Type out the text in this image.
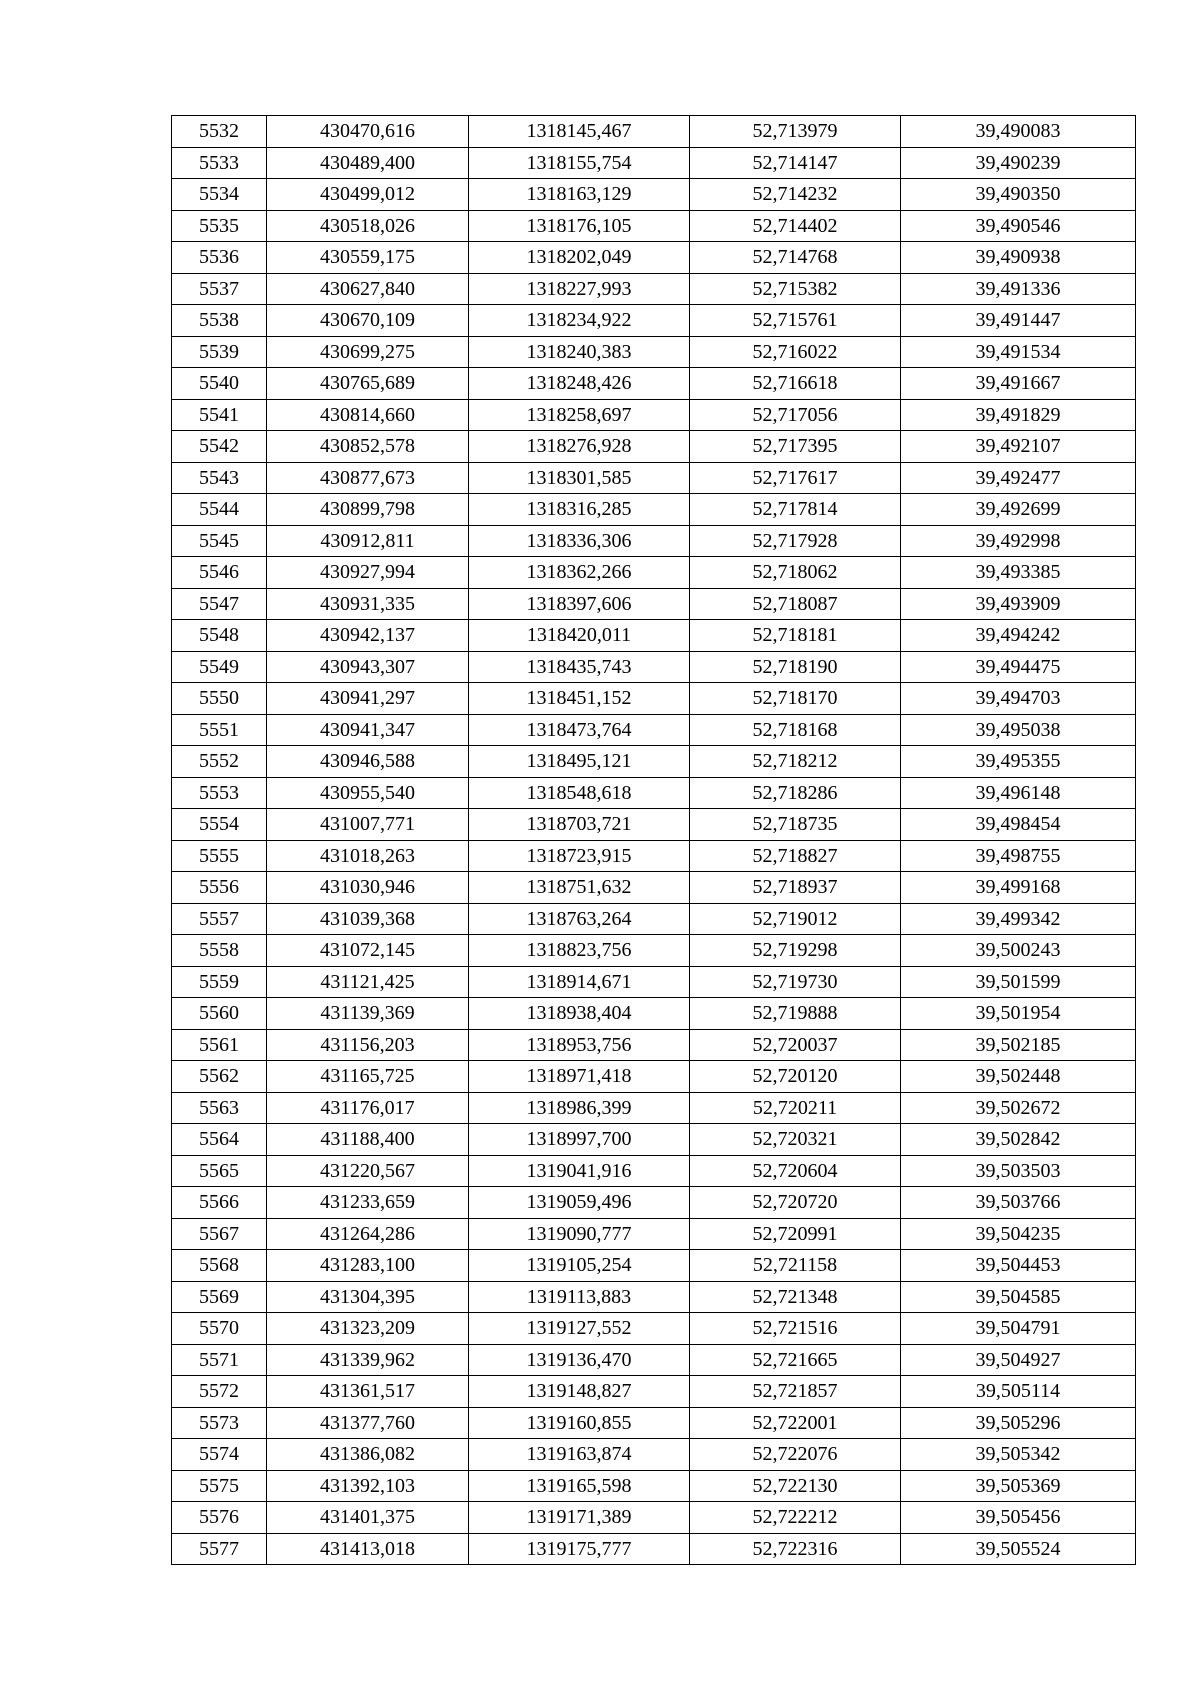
5532	430470,616	1318145,467	52,713979	39,490083
5533	430489,400	1318155,754	52,714147	39,490239
5534	430499,012	1318163,129	52,714232	39,490350
5535	430518,026	1318176,105	52,714402	39,490546
5536	430559,175	1318202,049	52,714768	39,490938
5537	430627,840	1318227,993	52,715382	39,491336
5538	430670,109	1318234,922	52,715761	39,491447
5539	430699,275	1318240,383	52,716022	39,491534
5540	430765,689	1318248,426	52,716618	39,491667
5541	430814,660	1318258,697	52,717056	39,491829
5542	430852,578	1318276,928	52,717395	39,492107
5543	430877,673	1318301,585	52,717617	39,492477
5544	430899,798	1318316,285	52,717814	39,492699
5545	430912,811	1318336,306	52,717928	39,492998
5546	430927,994	1318362,266	52,718062	39,493385
5547	430931,335	1318397,606	52,718087	39,493909
5548	430942,137	1318420,011	52,718181	39,494242
5549	430943,307	1318435,743	52,718190	39,494475
5550	430941,297	1318451,152	52,718170	39,494703
5551	430941,347	1318473,764	52,718168	39,495038
5552	430946,588	1318495,121	52,718212	39,495355
5553	430955,540	1318548,618	52,718286	39,496148
5554	431007,771	1318703,721	52,718735	39,498454
5555	431018,263	1318723,915	52,718827	39,498755
5556	431030,946	1318751,632	52,718937	39,499168
5557	431039,368	1318763,264	52,719012	39,499342
5558	431072,145	1318823,756	52,719298	39,500243
5559	431121,425	1318914,671	52,719730	39,501599
5560	431139,369	1318938,404	52,719888	39,501954
5561	431156,203	1318953,756	52,720037	39,502185
5562	431165,725	1318971,418	52,720120	39,502448
5563	431176,017	1318986,399	52,720211	39,502672
5564	431188,400	1318997,700	52,720321	39,502842
5565	431220,567	1319041,916	52,720604	39,503503
5566	431233,659	1319059,496	52,720720	39,503766
5567	431264,286	1319090,777	52,720991	39,504235
5568	431283,100	1319105,254	52,721158	39,504453
5569	431304,395	1319113,883	52,721348	39,504585
5570	431323,209	1319127,552	52,721516	39,504791
5571	431339,962	1319136,470	52,721665	39,504927
5572	431361,517	1319148,827	52,721857	39,505114
5573	431377,760	1319160,855	52,722001	39,505296
5574	431386,082	1319163,874	52,722076	39,505342
5575	431392,103	1319165,598	52,722130	39,505369
5576	431401,375	1319171,389	52,722212	39,505456
5577	431413,018	1319175,777	52,722316	39,505524
